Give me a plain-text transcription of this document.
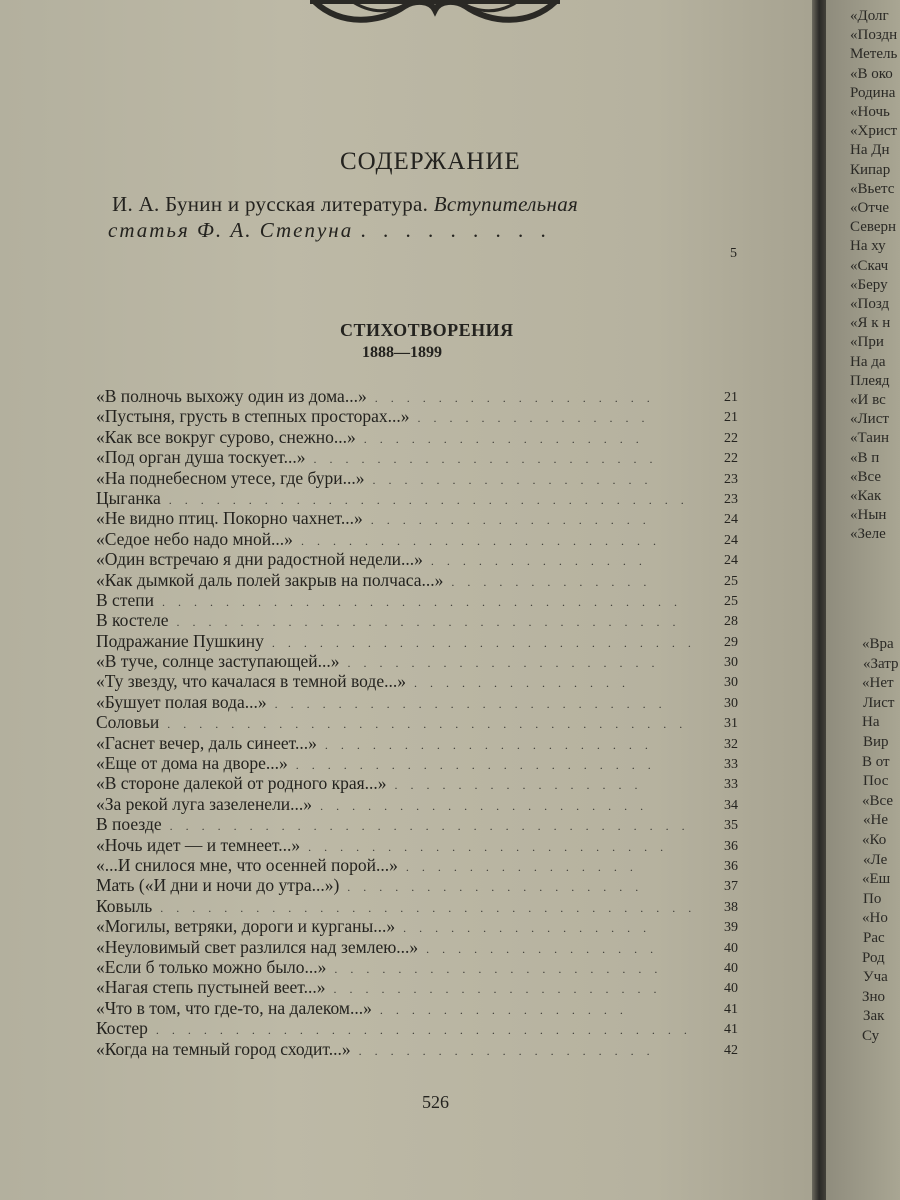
СОДЕРЖАНИЕ
И. А. Бунин и русская литература. Вступительная
статья Ф. А. Степуна . . . . . . . . .
5
СТИХОТВОРЕНИЯ
1888—1899
«В полночь выхожу один из дома...» . . . . . . . . . . . . . . . . . .	21
«Пустыня, грусть в степных просторах...» . . . . . . . . . . . . . . .	21
«Как все вокруг сурово, снежно...» . . . . . . . . . . . . . . . . . .	22
«Под орган душа тоскует...» . . . . . . . . . . . . . . . . . . . . . .	22
«На поднебесном утесе, где бури...» . . . . . . . . . . . . . . . . . .	23
Цыганка . . . . . . . . . . . . . . . . . . . . . . . . . . . . . . . . .	23
«Не видно птиц. Покорно чахнет...» . . . . . . . . . . . . . . . . . .	24
«Седое небо надо мной...» . . . . . . . . . . . . . . . . . . . . . . .	24
«Один встречаю я дни радостной недели...» . . . . . . . . . . . . . .	24
«Как дымкой даль полей закрыв на полчаса...» . . . . . . . . . . . . .	25
В степи . . . . . . . . . . . . . . . . . . . . . . . . . . . . . . . . .	25
В костеле . . . . . . . . . . . . . . . . . . . . . . . . . . . . . . . .	28
Подражание Пушкину . . . . . . . . . . . . . . . . . . . . . . . . . . . 29
«В туче, солнце заступающей...» . . . . . . . . . . . . . . . . . . . .	30
«Ту звезду, что качалася в темной воде...» . . . . . . . . . . . . . .	30
«Бушует полая вода...» . . . . . . . . . . . . . . . . . . . . . . . . .	30
Соловьи . . . . . . . . . . . . . . . . . . . . . . . . . . . . . . . . .	31
«Гаснет вечер, даль синеет...» . . . . . . . . . . . . . . . . . . . . .	32
«Еще от дома на дворе...» . . . . . . . . . . . . . . . . . . . . . . .	33
«В стороне далекой от родного края...» . . . . . . . . . . . . . . . .	33
«За рекой луга зазеленели...» . . . . . . . . . . . . . . . . . . . . .	34
В поезде . . . . . . . . . . . . . . . . . . . . . . . . . . . . . . . . . 35
«Ночь идет — и темнеет...» . . . . . . . . . . . . . . . . . . . . . . .	36
«...И снилося мне, что осенней порой...» . . . . . . . . . . . . . . .	36
Мать («И дни и ночи до утра...») . . . . . . . . . . . . . . . . . . .	37
Ковыль . . . . . . . . . . . . . . . . . . . . . . . . . . . . . . . . . . 38
«Могилы, ветряки, дороги и курганы...» . . . . . . . . . . . . . . . .	39
«Неуловимый свет разлился над землею...» . . . . . . . . . . . . . . .	40
«Если б только можно было...» . . . . . . . . . . . . . . . . . . . . .	40
«Нагая степь пустыней веет...» . . . . . . . . . . . . . . . . . . . . .	40
«Что в том, что где-то, на далеком...» . . . . . . . . . . . . . . . .	41
Костер . . . . . . . . . . . . . . . . . . . . . . . . . . . . . . . . . . 41
«Когда на темный город сходит...» . . . . . . . . . . . . . . . . . . .	42
526
«Долг
«Поздн
Метель
«В око
Родина
«Ночь
«Христ
На Дн
Кипар
«Вьетс
«Отче
Северн
На ху
«Скач
«Беру
«Позд
«Я к н
«При
На да
Плеяд
«И вс
«Лист
«Таин
«В п
«Все
«Как
«Нын
«Зеле
«Вра
«Затр
«Нет
Лист
На
Вир
В от
Пос
«Все
«Не
«Ко
«Ле
«Еш
По
«Но
Рас
Род
Уча
Зно
Зак
Су
